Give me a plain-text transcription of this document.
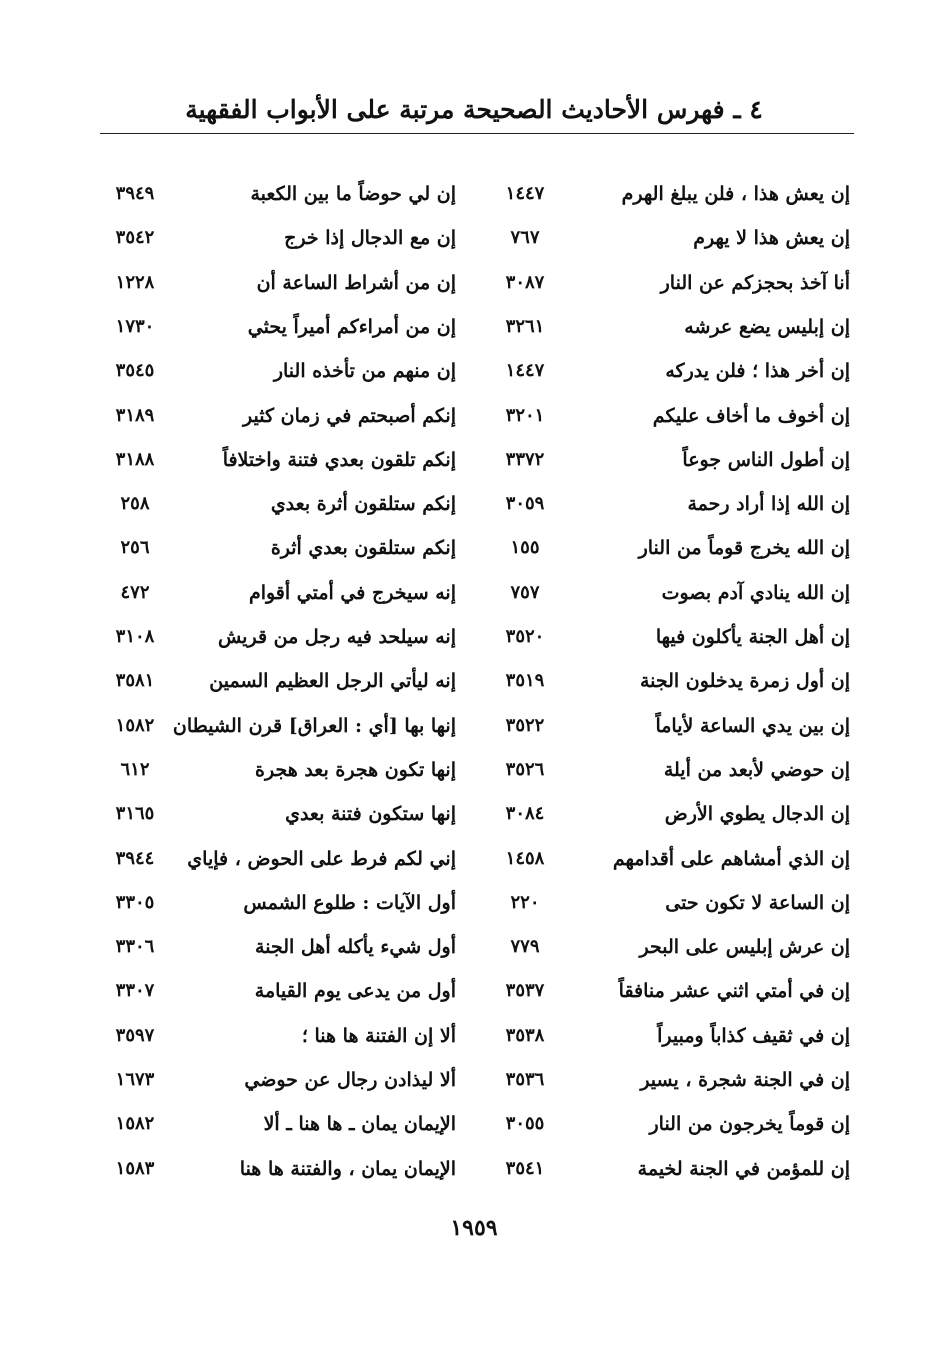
٤ ـ فهرس الأحاديث الصحيحة مرتبة على الأبواب الفقهية
إن يعش هذا ، فلن يبلغ الهرم
١٤٤٧
إن لي حوضاً ما بين الكعبة
٣٩٤٩
إن يعش هذا لا يهرم
٧٦٧
إن مع الدجال إذا خرج
٣٥٤٢
أنا آخذ بحجزكم عن النار
٣٠٨٧
إن من أشراط الساعة أن
١٢٢٨
إن إبليس يضع عرشه
٣٢٦١
إن من أمراءكم أميراً يحثي
١٧٣٠
إن أخر هذا ؛ فلن يدركه
١٤٤٧
إن منهم من تأخذه النار
٣٥٤٥
إن أخوف ما أخاف عليكم
٣٢٠١
إنكم أصبحتم في زمان كثير
٣١٨٩
إن أطول الناس جوعاً
٣٣٧٢
إنكم تلقون بعدي فتنة واختلافاً
٣١٨٨
إن الله إذا أراد رحمة
٣٠٥٩
إنكم ستلقون أثرة بعدي
٢٥٨
إن الله يخرج قوماً من النار
١٥٥
إنكم ستلقون بعدي أثرة
٢٥٦
إن الله ينادي آدم بصوت
٧٥٧
إنه سيخرج في أمتي أقوام
٤٧٢
إن أهل الجنة يأكلون فيها
٣٥٢٠
إنه سيلحد فيه رجل من قريش
٣١٠٨
إن أول زمرة يدخلون الجنة
٣٥١٩
إنه ليأتي الرجل العظيم السمين
٣٥٨١
إن بين يدي الساعة لأياماً
٣٥٢٢
إنها بها [أي : العراق] قرن الشيطان
١٥٨٢
إن حوضي لأبعد من أيلة
٣٥٢٦
إنها تكون هجرة بعد هجرة
٦١٢
إن الدجال يطوي الأرض
٣٠٨٤
إنها ستكون فتنة بعدي
٣١٦٥
إن الذي أمشاهم على أقدامهم
١٤٥٨
إني لكم فرط على الحوض ، فإياي
٣٩٤٤
إن الساعة لا تكون حتى
٢٢٠
أول الآيات : طلوع الشمس
٣٣٠٥
إن عرش إبليس على البحر
٧٧٩
أول شيء يأكله أهل الجنة
٣٣٠٦
إن في أمتي اثني عشر منافقاً
٣٥٣٧
أول من يدعى يوم القيامة
٣٣٠٧
إن في ثقيف كذاباً ومبيراً
٣٥٣٨
ألا إن الفتنة ها هنا ؛
٣٥٩٧
إن في الجنة شجرة ، يسير
٣٥٣٦
ألا ليذادن رجال عن حوضي
١٦٧٣
إن قوماً يخرجون من النار
٣٠٥٥
الإيمان يمان ـ ها هنا ـ ألا
١٥٨٢
إن للمؤمن في الجنة لخيمة
٣٥٤١
الإيمان يمان ، والفتنة ها هنا
١٥٨٣
١٩٥٩
